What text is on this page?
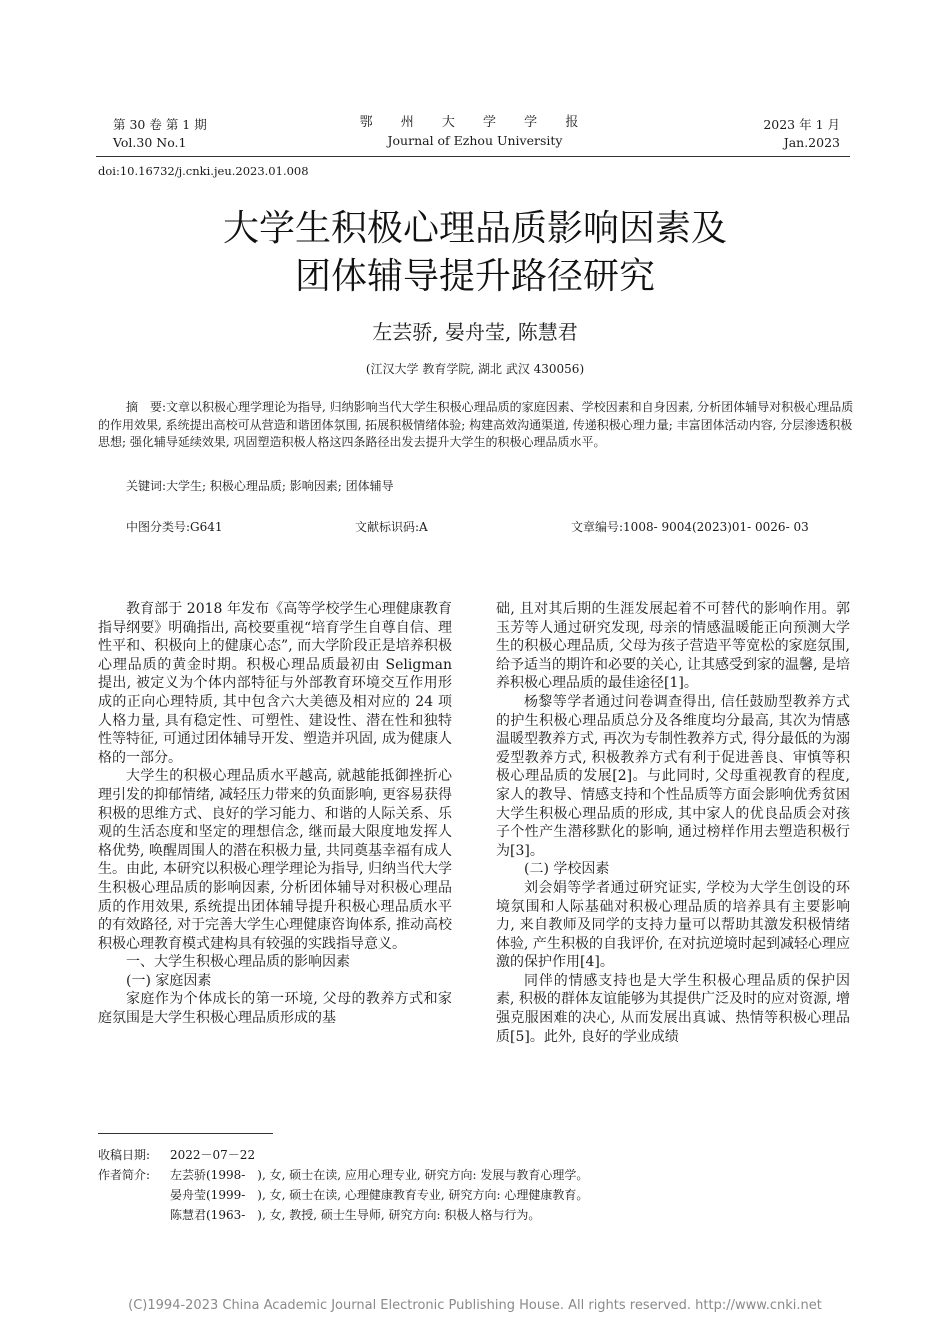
第 30 卷 第 1 期
Vol.30 No.1
鄂 州 大 学 学 报
Journal of Ezhou University
2023 年 1 月
Jan.2023
doi:10.16732/j.cnki.jeu.2023.01.008
大学生积极心理品质影响因素及
团体辅导提升路径研究
左芸骄, 晏舟莹, 陈慧君
(江汉大学 教育学院, 湖北 武汉 430056)

摘　要:文章以积极心理学理论为指导, 归纳影响当代大学生积极心理品质的家庭因素、学校因素和自身因素, 分析团体辅导对积极心理品质的作用效果, 系统提出高校可从营造和谐团体氛围, 拓展积极情绪体验; 构建高效沟通渠道, 传递积极心理力量; 丰富团体活动内容, 分层渗透积极思想; 强化辅导延续效果, 巩固塑造积极人格这四条路径出发去提升大学生的积极心理品质水平。

关键词:大学生; 积极心理品质; 影响因素; 团体辅导
中图分类号:G641	文献标识码:A	文章编号:1008- 9004(2023)01- 0026- 03

教育部于 2018 年发布《高等学校学生心理健康教育指导纲要》明确指出, 高校要重视“培育学生自尊自信、理性平和、积极向上的健康心态”, 而大学阶段正是培养积极心理品质的黄金时期。积极心理品质最初由 Seligman 提出, 被定义为个体内部特征与外部教育环境交互作用形成的正向心理特质, 其中包含六大美德及相对应的 24 项人格力量, 具有稳定性、可塑性、建设性、潜在性和独特性等特征, 可通过团体辅导开发、塑造并巩固, 成为健康人格的一部分。

大学生的积极心理品质水平越高, 就越能抵御挫折心理引发的抑郁情绪, 减轻压力带来的负面影响, 更容易获得积极的思维方式、良好的学习能力、和谐的人际关系、乐观的生活态度和坚定的理想信念, 继而最大限度地发挥人格优势, 唤醒周围人的潜在积极力量, 共同奠基幸福有成人生。由此, 本研究以积极心理学理论为指导, 归纳当代大学生积极心理品质的影响因素, 分析团体辅导对积极心理品质的作用效果, 系统提出团体辅导提升积极心理品质水平的有效路径, 对于完善大学生心理健康咨询体系, 推动高校积极心理教育模式建构具有较强的实践指导意义。

一、大学生积极心理品质的影响因素

(一) 家庭因素

家庭作为个体成长的第一环境, 父母的教养方式和家庭氛围是大学生积极心理品质形成的基

础, 且对其后期的生涯发展起着不可替代的影响作用。郭玉芳等人通过研究发现, 母亲的情感温暖能正向预测大学生的积极心理品质, 父母为孩子营造平等宽松的家庭氛围, 给予适当的期许和必要的关心, 让其感受到家的温馨, 是培养积极心理品质的最佳途径[1]。

杨黎等学者通过问卷调查得出, 信任鼓励型教养方式的护生积极心理品质总分及各维度均分最高, 其次为情感温暖型教养方式, 再次为专制性教养方式, 得分最低的为溺爱型教养方式, 积极教养方式有利于促进善良、审慎等积极心理品质的发展[2]。与此同时, 父母重视教育的程度, 家人的教导、情感支持和个性品质等方面会影响优秀贫困大学生积极心理品质的形成, 其中家人的优良品质会对孩子个性产生潜移默化的影响, 通过榜样作用去塑造积极行为[3]。

(二) 学校因素

刘会娟等学者通过研究证实, 学校为大学生创设的环境氛围和人际基础对积极心理品质的培养具有主要影响力, 来自教师及同学的支持力量可以帮助其激发积极情绪体验, 产生积极的自我评价, 在对抗逆境时起到减轻心理应激的保护作用[4]。

同伴的情感支持也是大学生积极心理品质的保护因素, 积极的群体友谊能够为其提供广泛及时的应对资源, 增强克服困难的决心, 从而发展出真诚、热情等积极心理品质[5]。此外, 良好的学业成绩

收稿日期: 2022－07－22
作者简介: 左芸骄(1998-　), 女, 硕士在读, 应用心理专业, 研究方向: 发展与教育心理学。
晏舟莹(1999-　), 女, 硕士在读, 心理健康教育专业, 研究方向: 心理健康教育。
陈慧君(1963-　), 女, 教授, 硕士生导师, 研究方向: 积极人格与行为。
(C)1994-2023 China Academic Journal Electronic Publishing House. All rights reserved. http://www.cnki.net
